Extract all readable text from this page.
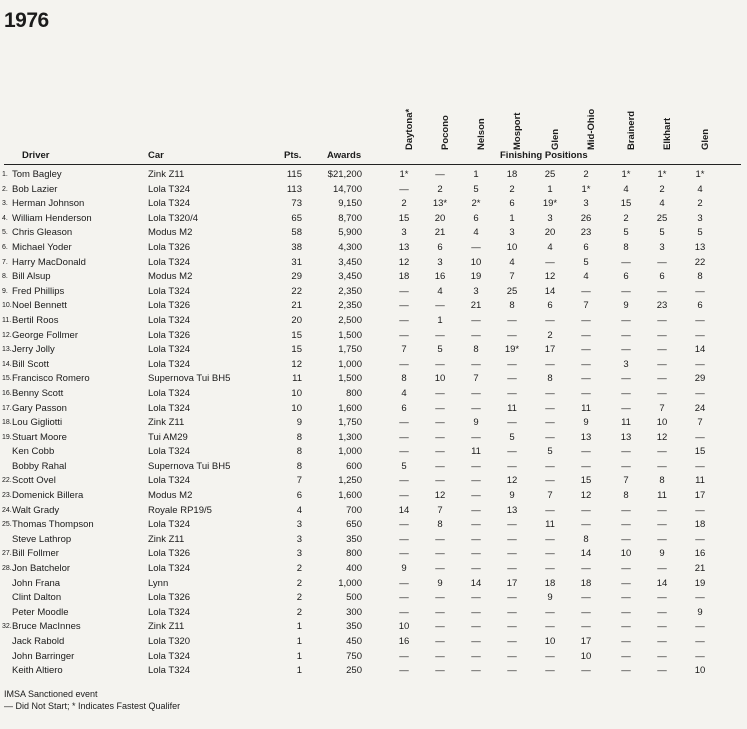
1976
Driver	Car	Pts.	Awards	Finishing Positions
Daytona*	Pocono	Nelson	Mosport	Glen	Mid-Ohio	Brainerd	Elkhart	Glen
1. Tom Bagley	Zink Z11	115	$21,200	1*	—	1	18	25	2	1*	1*	1*
2. Bob Lazier	Lola T324	113	14,700	—	2	5	2	1	1*	4	2	4
3. Herman Johnson	Lola T324	73	9,150	2	13*	2*	6	19*	3	15	4	2
4. William Henderson	Lola T320/4	65	8,700	15	20	6	1	3	26	2	25	3
5. Chris Gleason	Modus M2	58	5,900	3	21	4	3	20	23	5	5	5
6. Michael Yoder	Lola T326	38	4,300	13	6	—	10	4	6	8	3	13
7. Harry MacDonald	Lola T324	31	3,450	12	3	10	4	—	5	—	—	22
8. Bill Alsup	Modus M2	29	3,450	18	16	19	7	12	4	6	6	8
9. Fred Phillips	Lola T324	22	2,350	—	4	3	25	14	—	—	—	—
10. Noel Bennett	Lola T326	21	2,350	—	—	21	8	6	7	9	23	6
11. Bertil Roos	Lola T324	20	2,500	—	1	—	—	—	—	—	—	—
12. George Follmer	Lola T326	15	1,500	—	—	—	—	2	—	—	—	—
13. Jerry Jolly	Lola T324	15	1,750	7	5	8	19*	17	—	—	—	14
14. Bill Scott	Lola T324	12	1,000	—	—	—	—	—	—	3	—	—
15. Francisco Romero	Supernova Tui BH5	11	1,500	8	10	7	—	8	—	—	—	29
16. Benny Scott	Lola T324	10	800	4	—	—	—	—	—	—	—	—
17. Gary Passon	Lola T324	10	1,600	6	—	—	11	—	11	—	7	24
18. Lou Gigliotti	Zink Z11	9	1,750	—	—	9	—	—	9	11	10	7
19. Stuart Moore	Tui AM29	8	1,300	—	—	—	5	—	13	13	12	—
Ken Cobb	Lola T324	8	1,000	—	—	11	—	5	—	—	—	15
Bobby Rahal	Supernova Tui BH5	8	600	5	—	—	—	—	—	—	—	—
22. Scott Ovel	Lola T324	7	1,250	—	—	—	12	—	15	7	8	11
23. Domenick Billera	Modus M2	6	1,600	—	12	—	9	7	12	8	11	17
24. Walt Grady	Royale RP19/5	4	700	14	7	—	13	—	—	—	—	—
25. Thomas Thompson	Lola T324	3	650	—	8	—	—	11	—	—	—	18
Steve Lathrop	Zink Z11	3	350	—	—	—	—	—	8	—	—	—
27. Bill Follmer	Lola T326	3	800	—	—	—	—	—	14	10	9	16
28. Jon Batchelor	Lola T324	2	400	9	—	—	—	—	—	—	—	21
John Frana	Lynn	2	1,000	—	9	14	17	18	18	—	14	19
Clint Dalton	Lola T326	2	500	—	—	—	—	9	—	—	—	—
Peter Moodle	Lola T324	2	300	—	—	—	—	—	—	—	—	9
32. Bruce MacInnes	Zink Z11	1	350	10	—	—	—	—	—	—	—	—
Jack Rabold	Lola T320	1	450	16	—	—	—	10	17	—	—	—
John Barringer	Lola T324	1	750	—	—	—	—	—	10	—	—	—
Keith Altiero	Lola T324	1	250	—	—	—	—	—	—	—	—	10
IMSA Sanctioned event
— Did Not Start; * Indicates Fastest Qualifer
